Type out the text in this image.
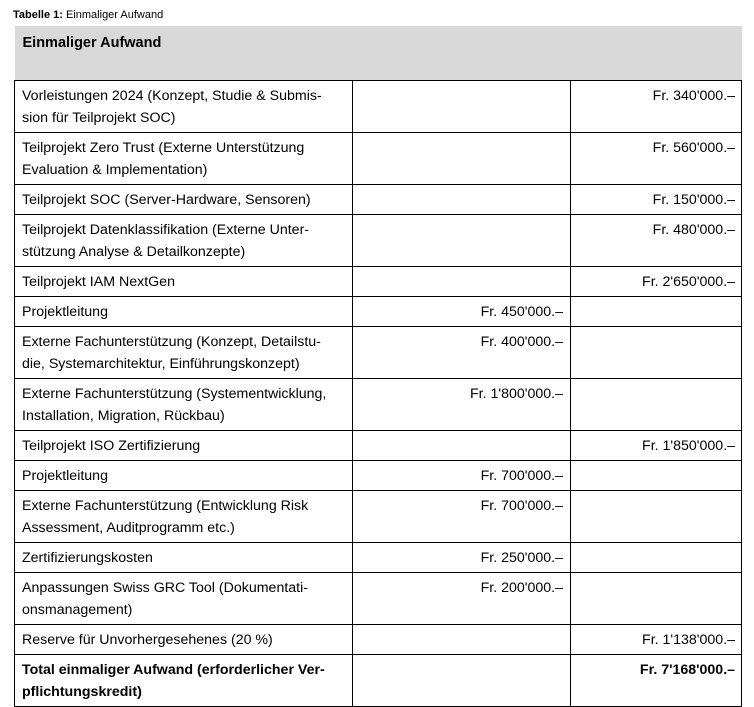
Tabelle 1: Einmaliger Aufwand
Einmaliger Aufwand		
Vorleistungen 2024 (Konzept, Studie & Submis-
sion für Teilprojekt SOC)		Fr. 340'000.–
Teilprojekt Zero Trust (Externe Unterstützung
Evaluation & Implementation)		Fr. 560'000.–
Teilprojekt SOC (Server-Hardware, Sensoren)		Fr. 150'000.–
Teilprojekt Datenklassifikation (Externe Unter-
stützung Analyse & Detailkonzepte)		Fr. 480'000.–
Teilprojekt IAM NextGen		Fr. 2'650'000.–
Projektleitung	Fr. 450'000.–	
Externe Fachunterstützung (Konzept, Detailstu-
die, Systemarchitektur, Einführungskonzept)	Fr. 400'000.–	
Externe Fachunterstützung (Systementwicklung,
Installation, Migration, Rückbau)	Fr. 1'800'000.–	
Teilprojekt ISO Zertifizierung		Fr. 1'850'000.–
Projektleitung	Fr. 700'000.–	
Externe Fachunterstützung (Entwicklung Risk
Assessment, Auditprogramm etc.)	Fr. 700'000.–	
Zertifizierungskosten	Fr. 250'000.–	
Anpassungen Swiss GRC Tool (Dokumentati-
onsmanagement)	Fr. 200'000.–	
Reserve für Unvorhergesehenes (20 %)		Fr. 1'138'000.–
Total einmaliger Aufwand (erforderlicher Ver-
pflichtungskredit)		Fr. 7'168'000.–
